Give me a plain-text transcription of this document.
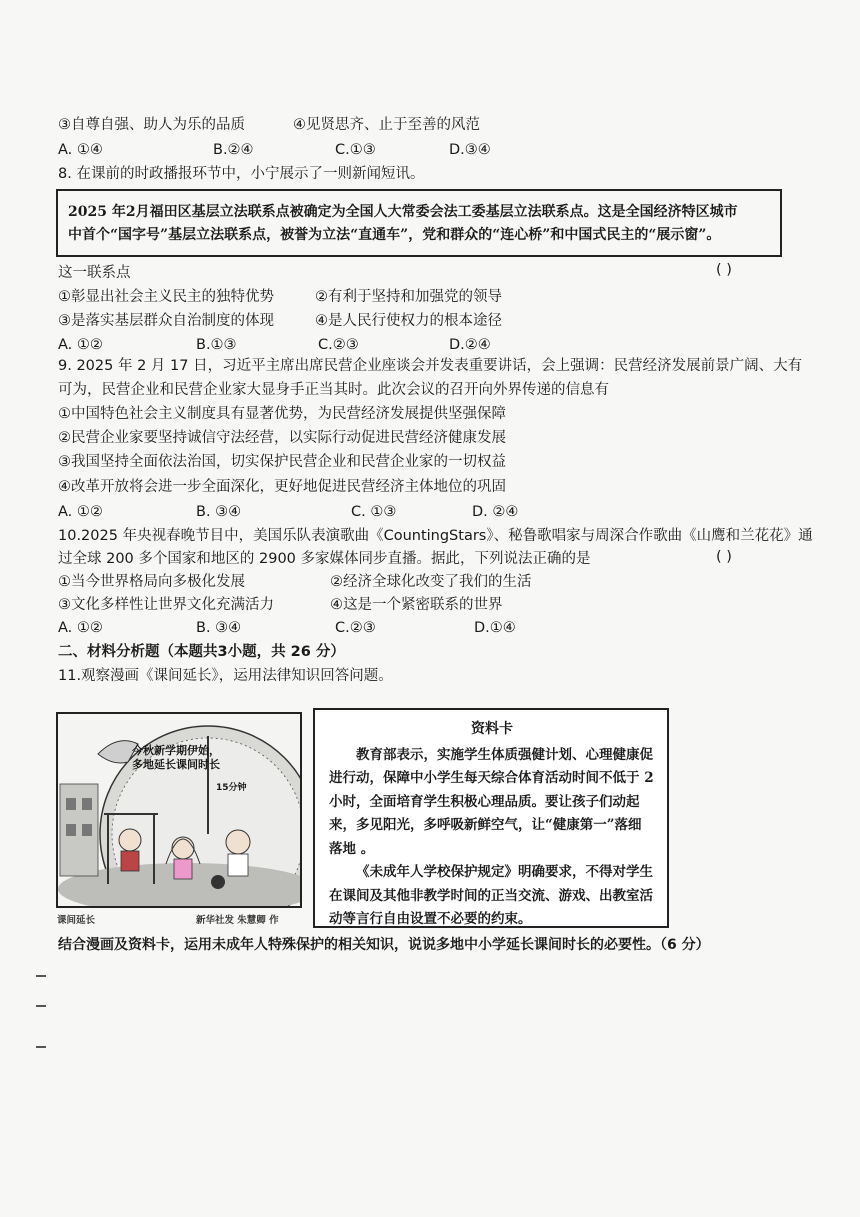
③自尊自强、助人为乐的品质	④见贤思齐、止于至善的风范
A. ①④	B.②④	C.①③	D.③④
8. 在课前的时政播报环节中，小宁展示了一则新闻短讯。
2025 年2月福田区基层立法联系点被确定为全国人大常委会法工委基层立法联系点。这是全国经济特区城市
中首个“国字号”基层立法联系点，被誉为立法“直通车”，党和群众的“连心桥”和中国式民主的“展示窗”。
这一联系点	( )
①彰显出社会主义民主的独特优势	②有利于坚持和加强党的领导
③是落实基层群众自治制度的体现	④是人民行使权力的根本途径
A. ①②	B.①③	C.②③	D.②④
9. 2025 年 2 月 17 日，习近平主席出席民营企业座谈会并发表重要讲话，会上强调：民营经济发展前景广阔、大有
可为，民营企业和民营企业家大显身手正当其时。此次会议的召开向外界传递的信息有
①中国特色社会主义制度具有显著优势，为民营经济发展提供坚强保障
②民营企业家要坚持诚信守法经营，以实际行动促进民营经济健康发展
③我国坚持全面依法治国，切实保护民营企业和民营企业家的一切权益
④改革开放将会进一步全面深化，更好地促进民营经济主体地位的巩固
A. ①②	B. ③④	C. ①③	D. ②④
10.2025 年央视春晚节目中，美国乐队表演歌曲《CountingStars》、秘鲁歌唱家与周深合作歌曲《山鹰和兰花花》通
过全球 200 多个国家和地区的 2900 多家媒体同步直播。据此，下列说法正确的是	( )
①当今世界格局向多极化发展	②经济全球化改变了我们的生活
③文化多样性让世界文化充满活力	④这是一个紧密联系的世界
A. ①②	B. ③④	C.②③	D.①④
二、材料分析题（本题共3小题，共 26 分）
11.观察漫画《课间延长》，运用法律知识回答问题。
今秋新学期伊始，
多地延长课间时长
15分钟
课间延长	新华社发 朱慧卿 作
资料卡

教育部表示，实施学生体质强健计划、心理健康促进行动，保障中小学生每天综合体育活动时间不低于 2 小时，全面培育学生积极心理品质。要让孩子们动起来，多见阳光，多呼吸新鲜空气，让“健康第一”落细落地 。

《未成年人学校保护规定》明确要求，不得对学生在课间及其他非教学时间的正当交流、游戏、出教室活动等言行自由设置不必要的约束。

结合漫画及资料卡，运用未成年人特殊保护的相关知识，说说多地中小学延长课间时长的必要性。（6 分）
